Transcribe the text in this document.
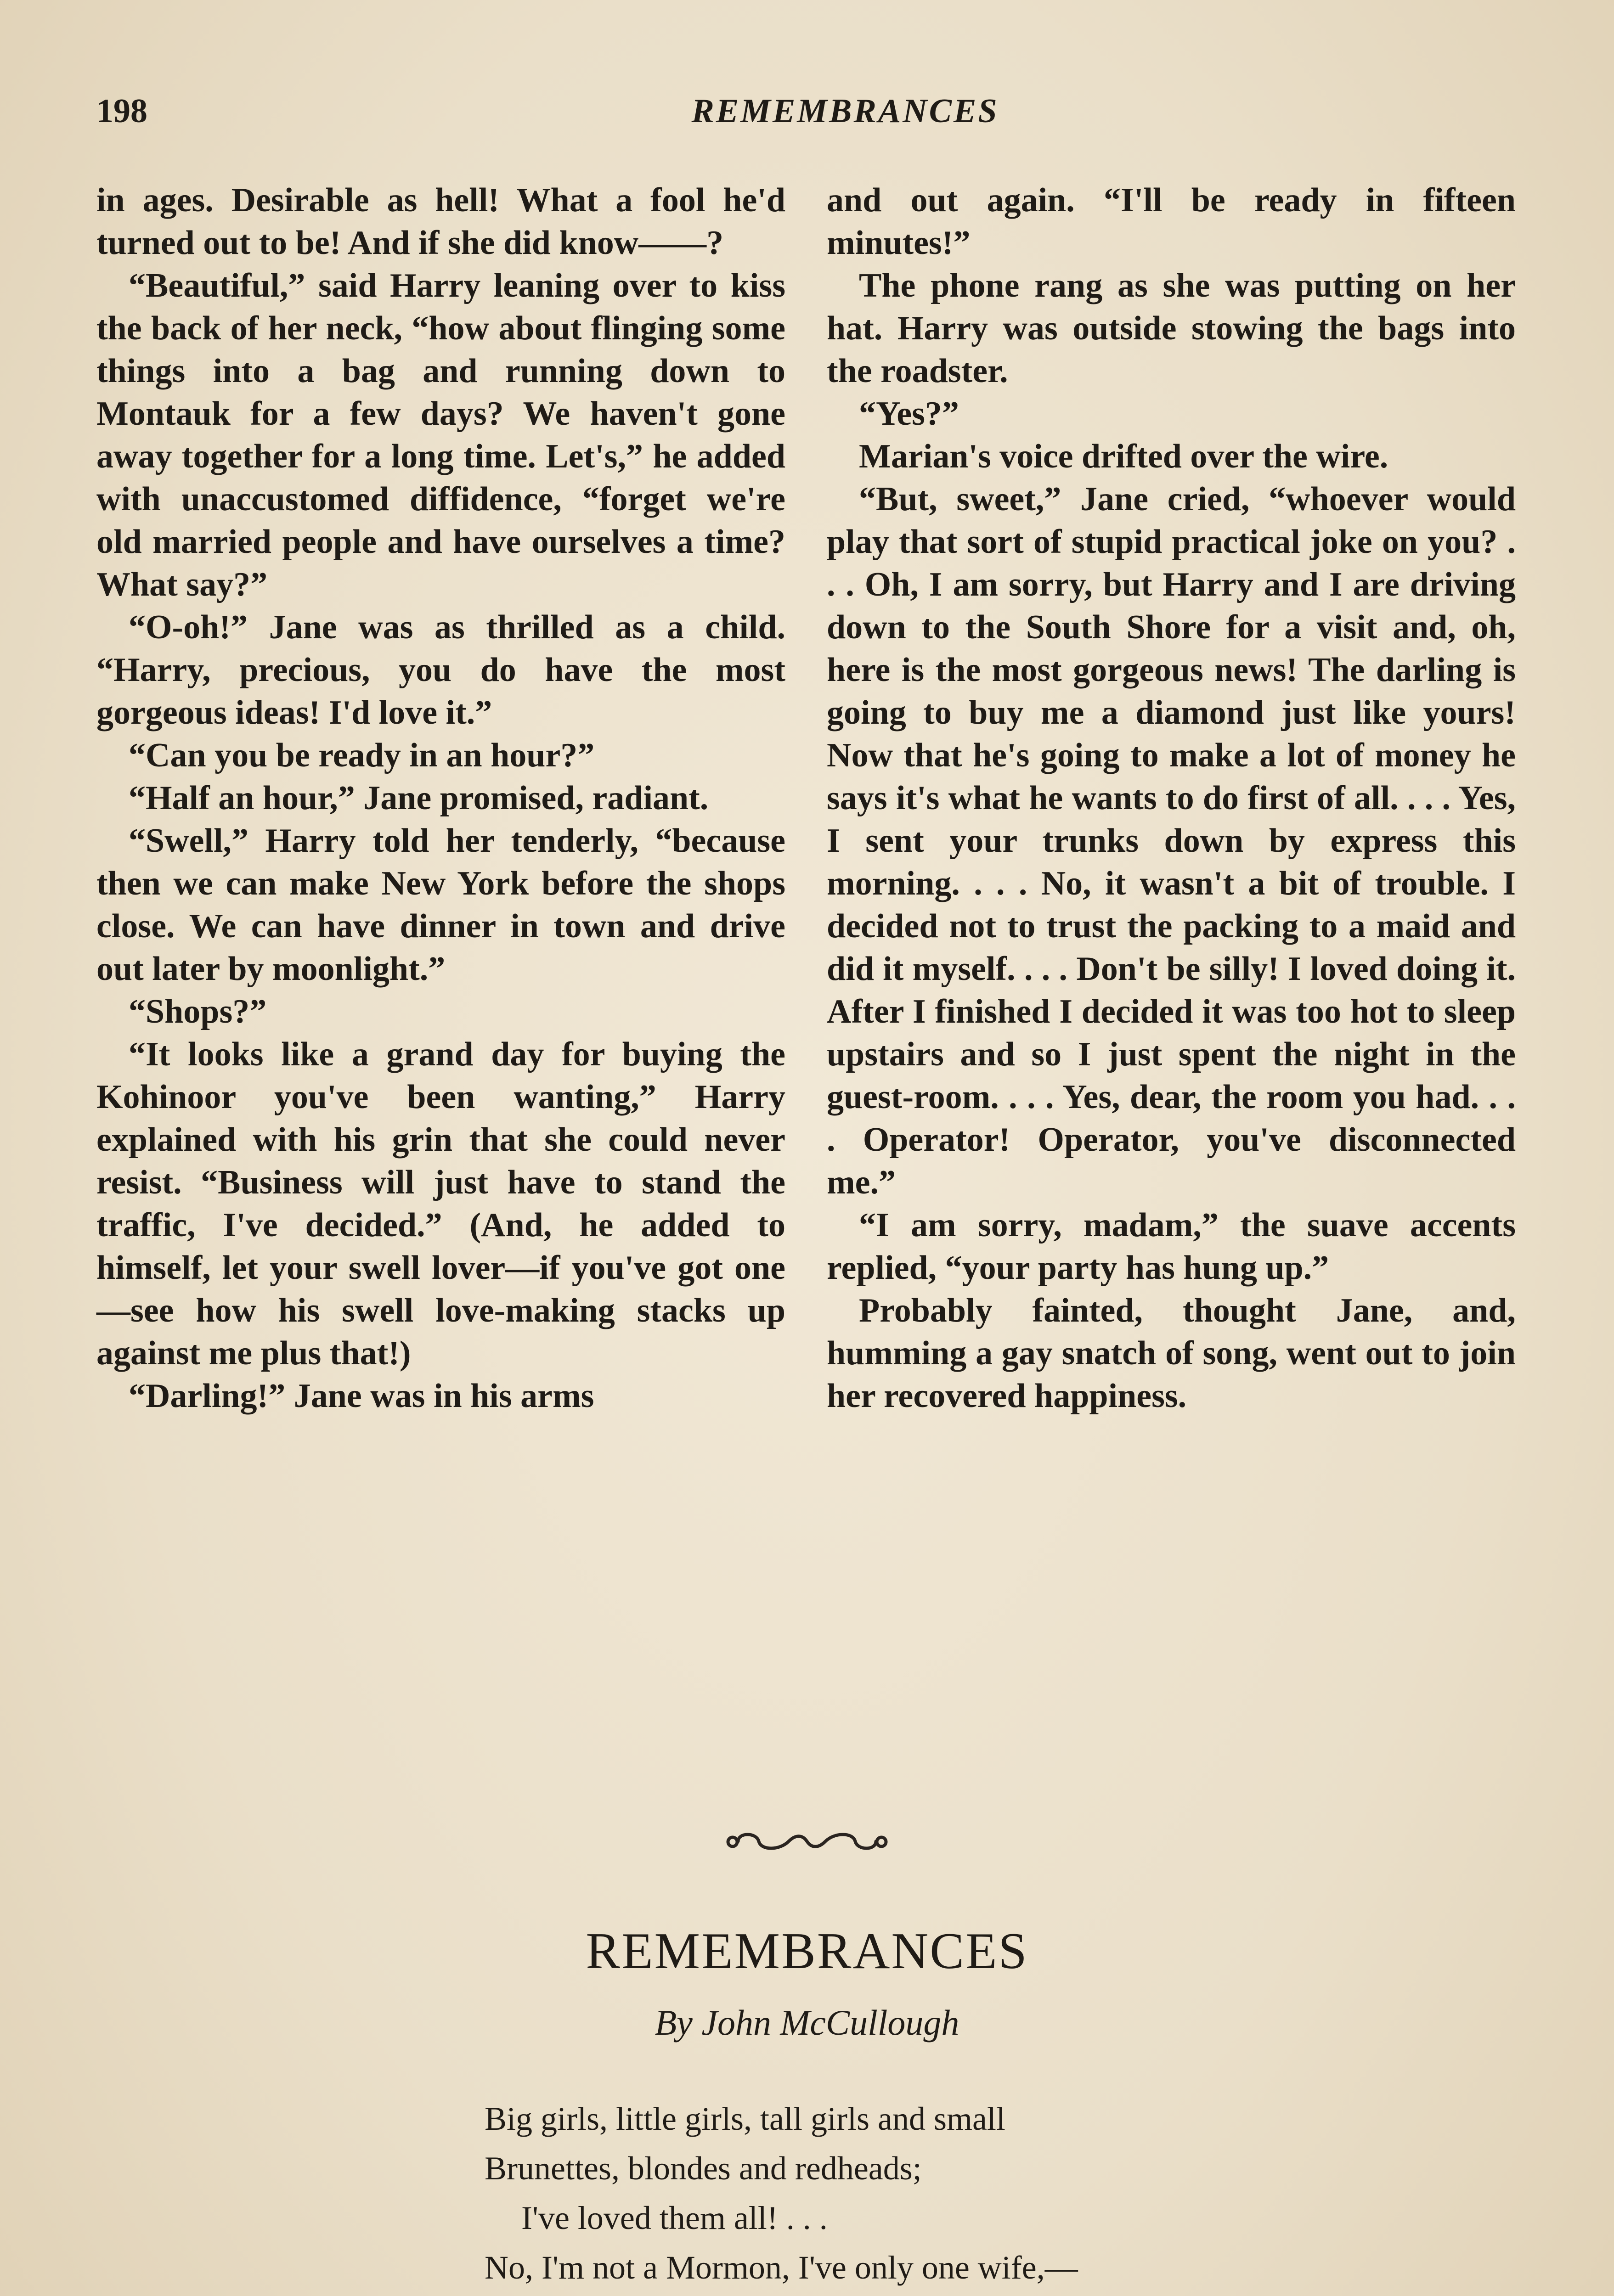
198	REMEMBRANCES

in ages. Desirable as hell! What a fool he'd turned out to be! And if she did know——?

“Beautiful,” said Harry leaning over to kiss the back of her neck, “how about flinging some things into a bag and running down to Montauk for a few days? We haven't gone away together for a long time. Let's,” he added with unaccustomed diffidence, “forget we're old married people and have ourselves a time? What say?”

“O-oh!” Jane was as thrilled as a child. “Harry, precious, you do have the most gorgeous ideas! I'd love it.”

“Can you be ready in an hour?”

“Half an hour,” Jane promised, radiant.

“Swell,” Harry told her tenderly, “because then we can make New York before the shops close. We can have dinner in town and drive out later by moonlight.”

“Shops?”

“It looks like a grand day for buying the Kohinoor you've been wanting,” Harry explained with his grin that she could never resist. “Business will just have to stand the traffic, I've decided.” (And, he added to himself, let your swell lover—if you've got one—see how his swell love-making stacks up against me plus that!)

“Darling!” Jane was in his arms

and out again. “I'll be ready in fifteen minutes!”

The phone rang as she was putting on her hat. Harry was outside stowing the bags into the roadster.

“Yes?”

Marian's voice drifted over the wire.

“But, sweet,” Jane cried, “whoever would play that sort of stupid practical joke on you? . . . Oh, I am sorry, but Harry and I are driving down to the South Shore for a visit and, oh, here is the most gorgeous news! The darling is going to buy me a diamond just like yours! Now that he's going to make a lot of money he says it's what he wants to do first of all. . . . Yes, I sent your trunks down by express this morning. . . . No, it wasn't a bit of trouble. I decided not to trust the packing to a maid and did it myself. . . . Don't be silly! I loved doing it. After I finished I decided it was too hot to sleep upstairs and so I just spent the night in the guest-room. . . . Yes, dear, the room you had. . . . Operator! Operator, you've disconnected me.”

“I am sorry, madam,” the suave accents replied, “your party has hung up.”

Probably fainted, thought Jane, and, humming a gay snatch of song, went out to join her recovered happiness.

REMEMBRANCES
By John McCullough
Big girls, little girls, tall girls and small
Brunettes, blondes and redheads;
I've loved them all! . . .
No, I'm not a Mormon, I've only one wife,—
